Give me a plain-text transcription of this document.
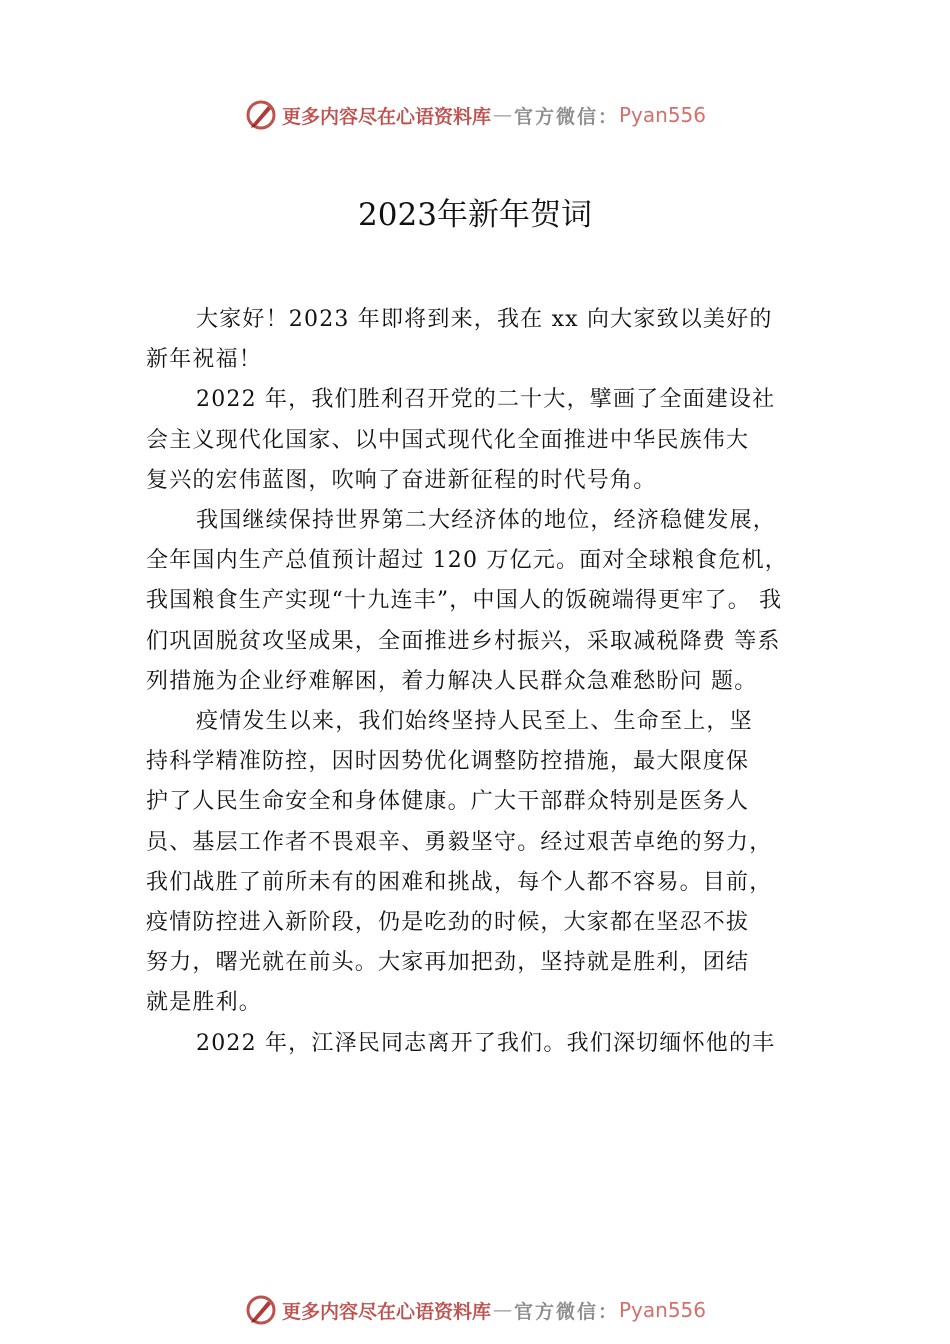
更多内容尽在心语资料库 — 官方微信： Pyan556
2023年新年贺词

大家好！2023 年即将到来，我在 xx 向大家致以美好的

新年祝福！

2022 年，我们胜利召开党的二十大，擘画了全面建设社

会主义现代化国家、以中国式现代化全面推进中华民族伟大

复兴的宏伟蓝图，吹响了奋进新征程的时代号角。

我国继续保持世界第二大经济体的地位，经济稳健发展，

全年国内生产总值预计超过 120 万亿元。面对全球粮食危机，

我国粮食生产实现“十九连丰”，中国人的饭碗端得更牢了。 我

们巩固脱贫攻坚成果，全面推进乡村振兴，采取减税降费 等系

列措施为企业纾难解困，着力解决人民群众急难愁盼问 题。

疫情发生以来，我们始终坚持人民至上、生命至上，坚

持科学精准防控，因时因势优化调整防控措施，最大限度保

护了人民生命安全和身体健康。广大干部群众特别是医务人

员、基层工作者不畏艰辛、勇毅坚守。经过艰苦卓绝的努力，

我们战胜了前所未有的困难和挑战，每个人都不容易。目前，

疫情防控进入新阶段，仍是吃劲的时候，大家都在坚忍不拔

努力，曙光就在前头。大家再加把劲，坚持就是胜利，团结

就是胜利。

2022 年，江泽民同志离开了我们。我们深切缅怀他的丰

更多内容尽在心语资料库 — 官方微信： Pyan556
